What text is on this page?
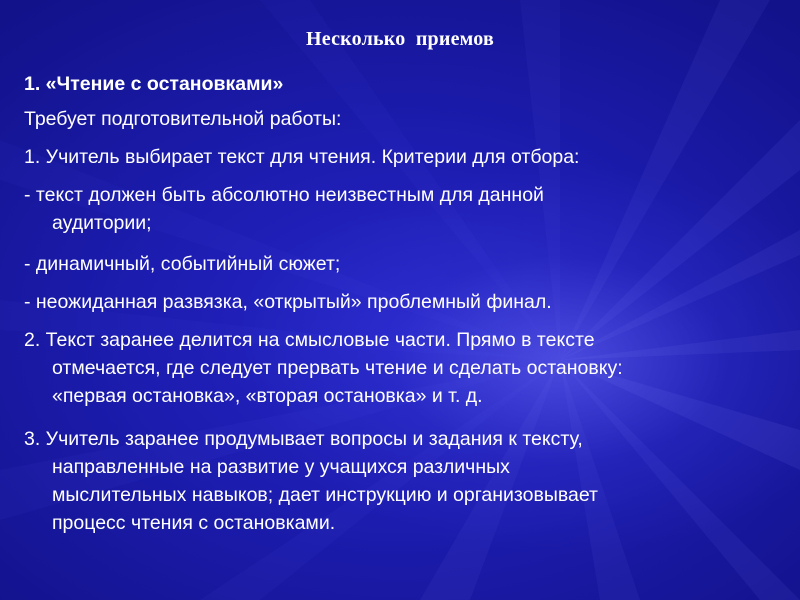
Несколько  приемов
1. «Чтение с остановками»
Требует подготовительной работы:
1. Учитель выбирает текст для чтения. Критерии для отбора:
- текст должен быть абсолютно неизвестным для данной
аудитории;
- динамичный, событийный сюжет;
- неожиданная развязка, «открытый» проблемный финал.
2. Текст заранее делится на смысловые части. Прямо в тексте
отмечается, где следует прервать чтение и сделать остановку:
«первая остановка», «вторая остановка» и т. д.
3. Учитель заранее продумывает вопросы и задания к тексту,
направленные на развитие у учащихся различных
мыслительных навыков; дает инструкцию и организовывает
процесс чтения с остановками.
